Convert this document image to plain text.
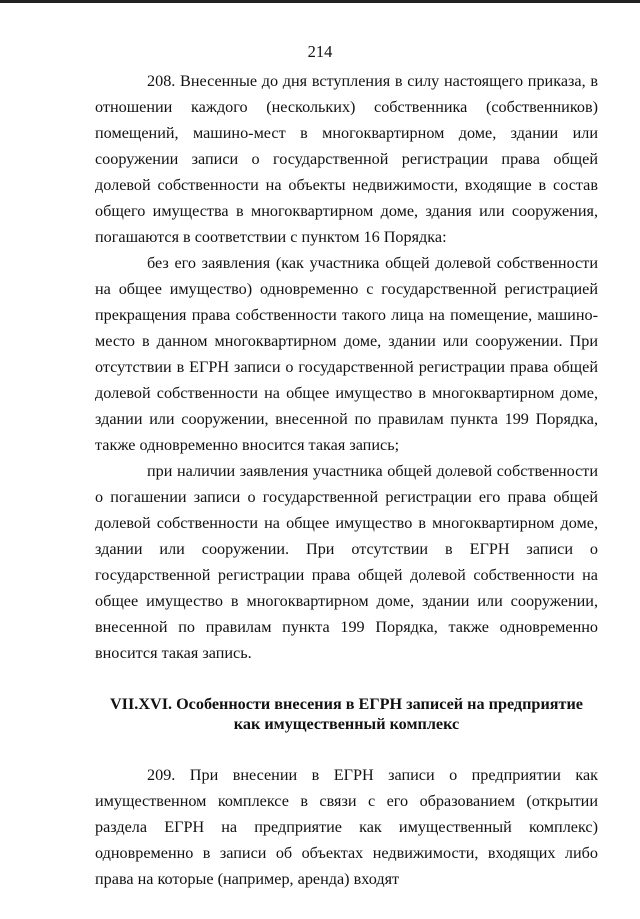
214

208. Внесенные до дня вступления в силу настоящего приказа, в отношении каждого (нескольких) собственника (собственников) помещений, машино-мест в многоквартирном доме, здании или сооружении записи о государственной регистрации права общей долевой собственности на объекты недвижимости, входящие в состав общего имущества в многоквартирном доме, здания или сооружения, погашаются в соответствии с пунктом 16 Порядка:

без его заявления (как участника общей долевой собственности на общее имущество) одновременно с государственной регистрацией прекращения права собственности такого лица на помещение, машино-место в данном многоквартирном доме, здании или сооружении. При отсутствии в ЕГРН записи о государственной регистрации права общей долевой собственности на общее имущество в многоквартирном доме, здании или сооружении, внесенной по правилам пункта 199 Порядка, также одновременно вносится такая запись;

при наличии заявления участника общей долевой собственности о погашении записи о государственной регистрации его права общей долевой собственности на общее имущество в многоквартирном доме, здании или сооружении. При отсутствии в ЕГРН записи о государственной регистрации права общей долевой собственности на общее имущество в многоквартирном доме, здании или сооружении, внесенной по правилам пункта 199 Порядка, также одновременно вносится такая запись.

VII.XVI. Особенности внесения в ЕГРН записей на предприятие
как имущественный комплекс

209. При внесении в ЕГРН записи о предприятии как имущественном комплексе в связи с его образованием (открытии раздела ЕГРН на предприятие как имущественный комплекс) одновременно в записи об объектах недвижимости, входящих либо права на которые (например, аренда) входят
